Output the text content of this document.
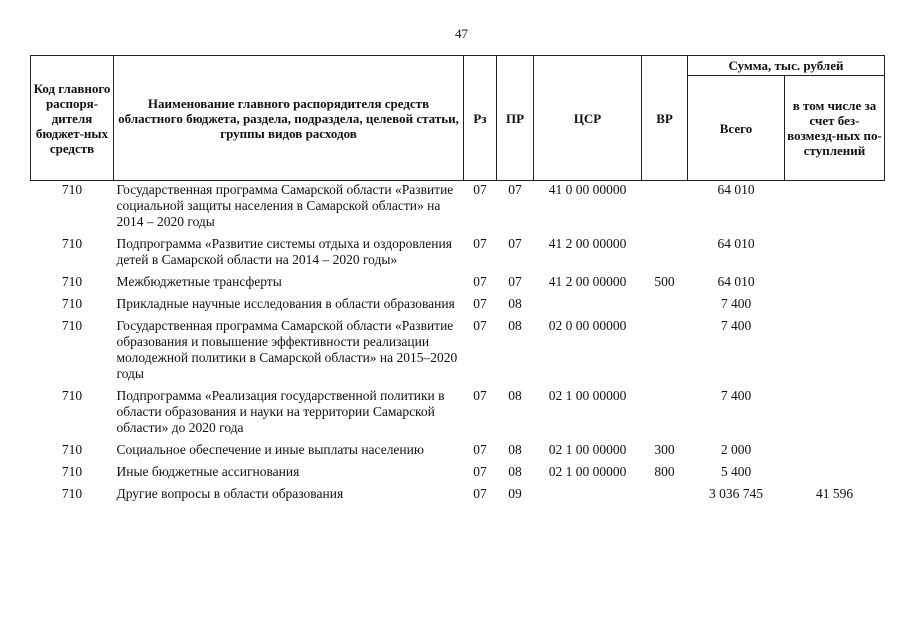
47
Код главного распоря-дителя бюджет-ных средств	Наименование главного распорядителя средств областного бюджета, раздела, подраздела, целевой статьи, группы видов расходов	Рз	ПР	ЦСР	ВР	Сумма, тыс. рублей	
						Всего	в том числе за счет без-возмезд-ных по-ступлений
710	Государственная программа Самарской области «Развитие социальной защиты населения в Самарской области» на 2014 – 2020 годы	07	07	41 0 00 00000		64 010	
710	Подпрограмма «Развитие системы отдыха и оздоровления детей в Самарской области на 2014 – 2020 годы»	07	07	41 2 00 00000		64 010	
710	Межбюджетные трансферты	07	07	41 2 00 00000	500	64 010	
710	Прикладные научные исследования в области образования	07	08			7 400	
710	Государственная программа Самарской области «Развитие образования и повышение эффективности реализации молодежной политики в Самарской области» на 2015–2020 годы	07	08	02 0 00 00000		7 400	
710	Подпрограмма «Реализация государственной политики в области образования и науки на территории Самарской области» до 2020 года	07	08	02 1 00 00000		7 400	
710	Социальное обеспечение и иные выплаты населению	07	08	02 1 00 00000	300	2 000	
710	Иные бюджетные ассигнования	07	08	02 1 00 00000	800	5 400	
710	Другие вопросы в области образования	07	09			3 036 745	41 596
